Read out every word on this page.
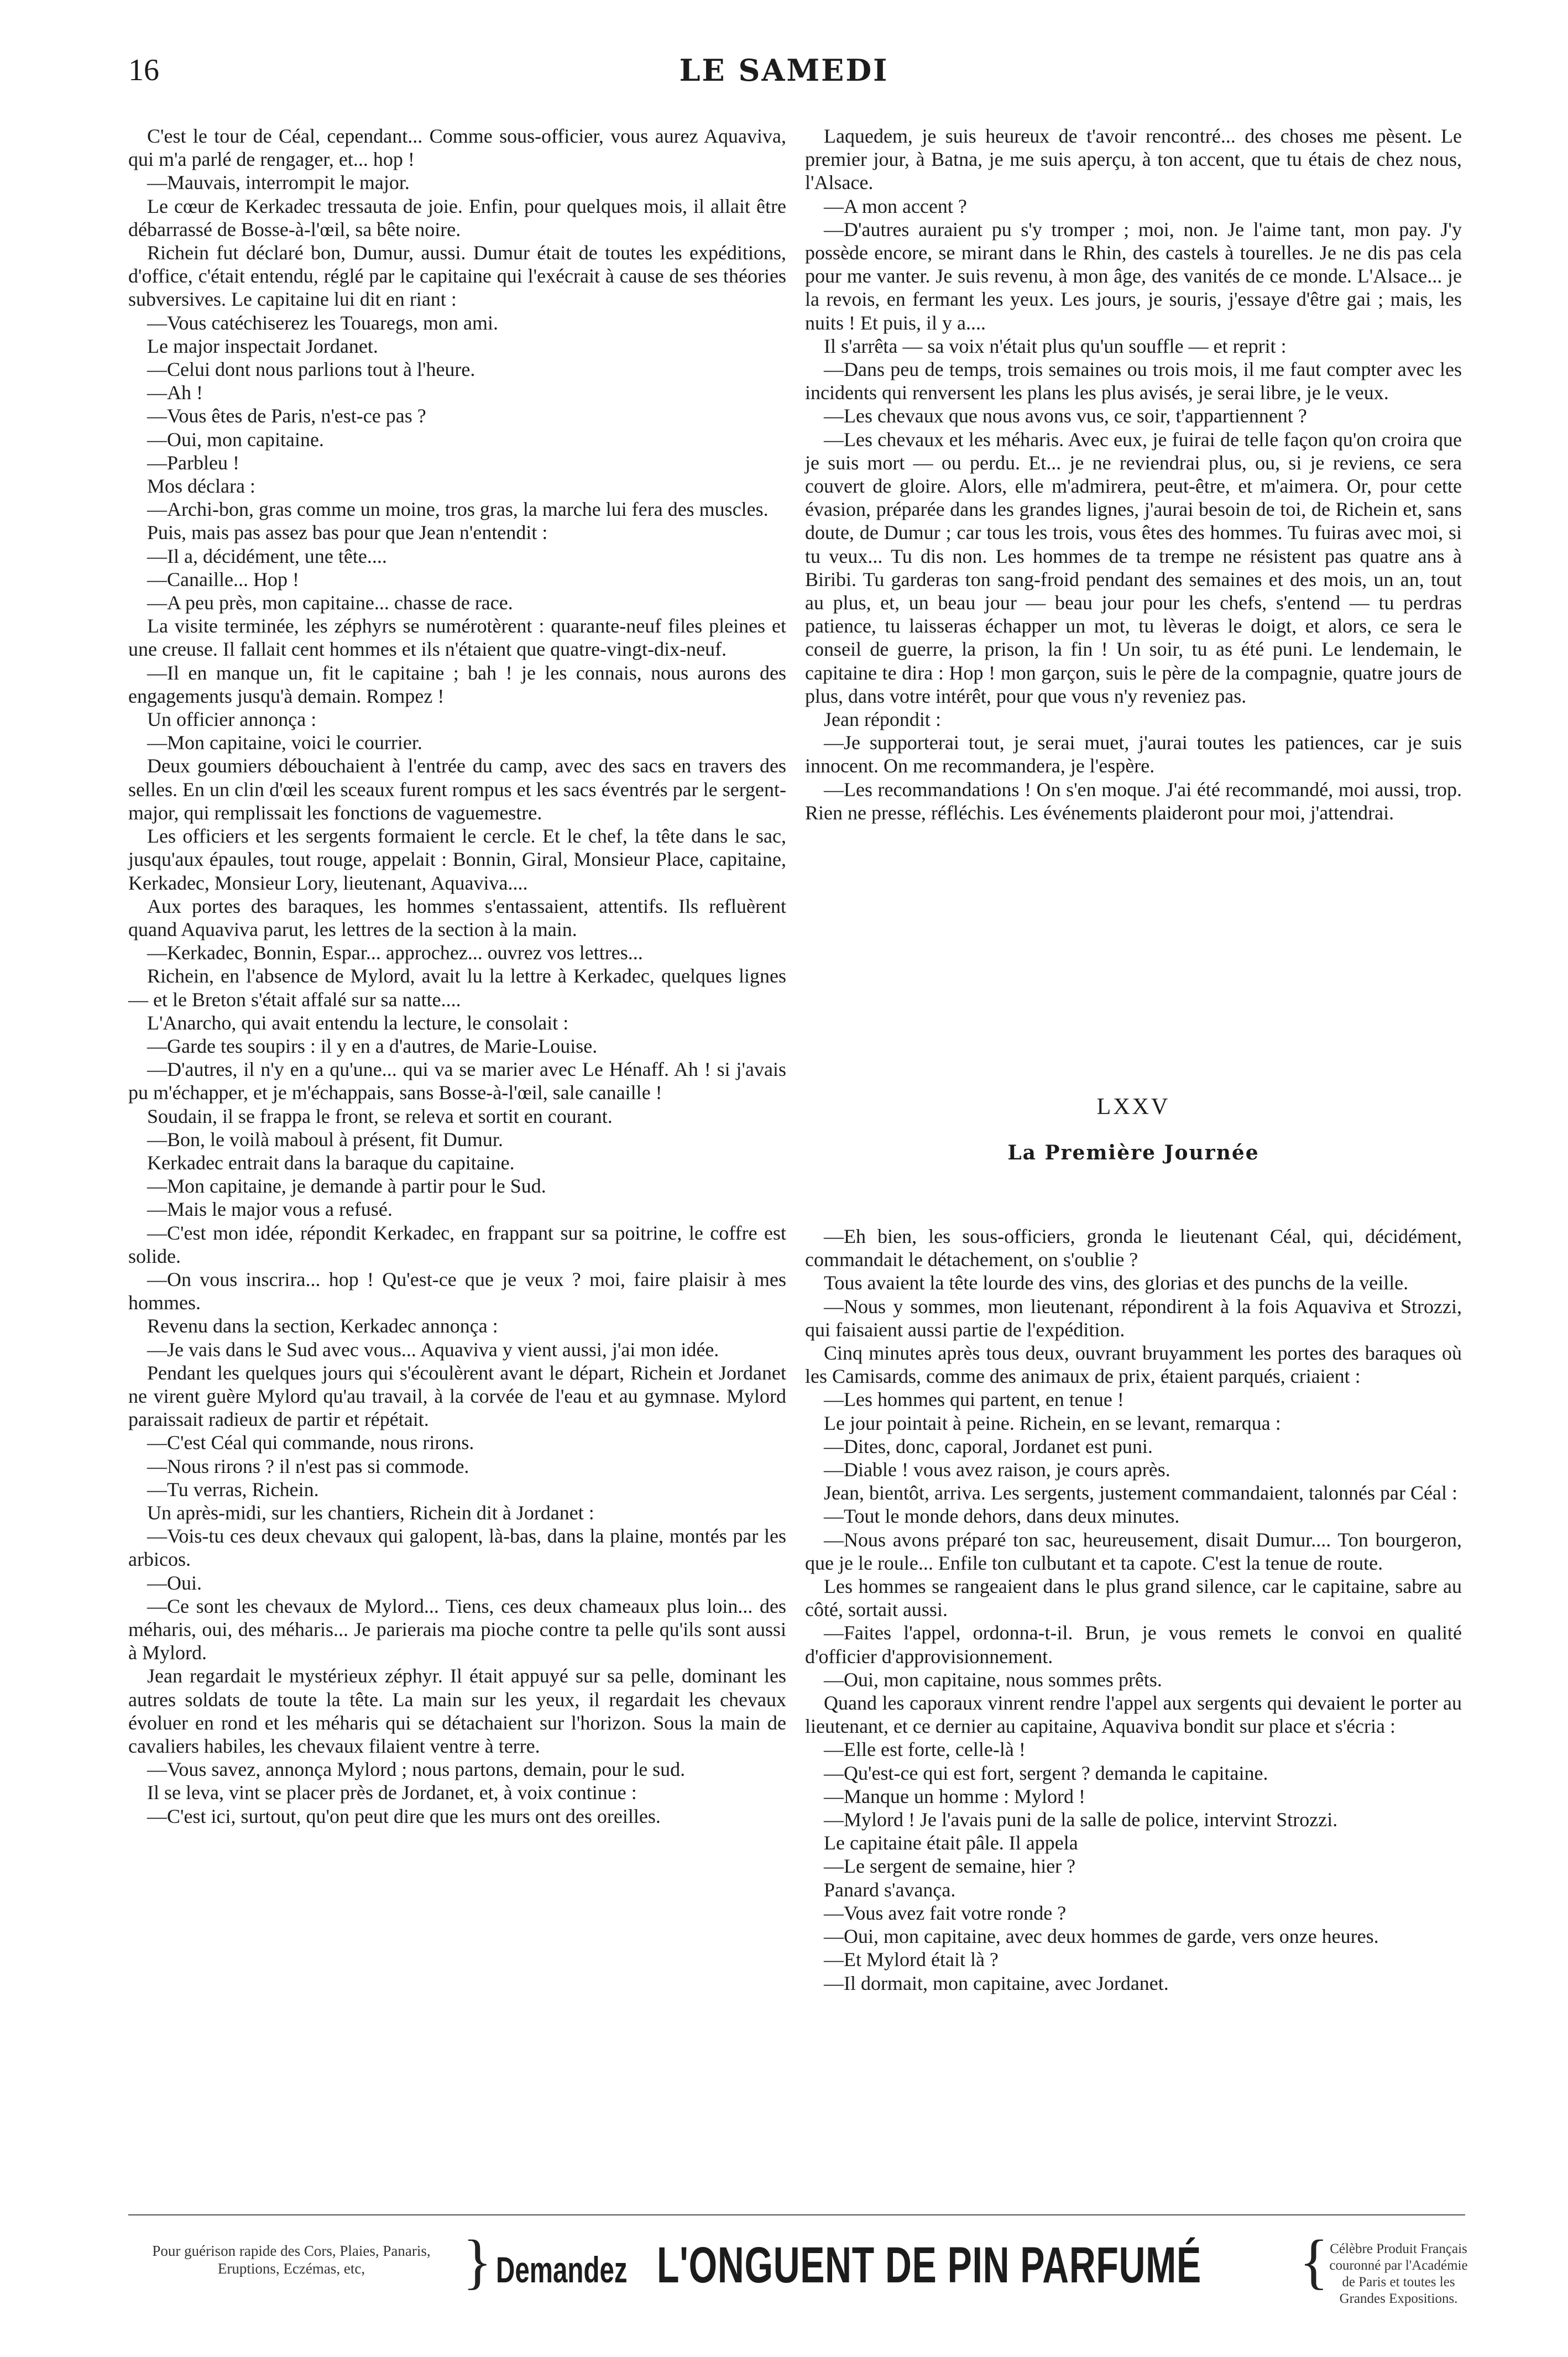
16	LE SAMEDI

C'est le tour de Céal, cependant... Comme sous-officier, vous aurez Aquaviva, qui m'a parlé de rengager, et... hop !

—Mauvais, interrompit le major.

Le cœur de Kerkadec tressauta de joie. Enfin, pour quelques mois, il allait être débarrassé de Bosse-à-l'œil, sa bête noire.

Richein fut déclaré bon, Dumur, aussi. Dumur était de toutes les expéditions, d'office, c'était entendu, réglé par le capitaine qui l'exécrait à cause de ses théories subversives. Le capitaine lui dit en riant :

—Vous catéchiserez les Touaregs, mon ami.

Le major inspectait Jordanet.

—Celui dont nous parlions tout à l'heure.

—Ah !

—Vous êtes de Paris, n'est-ce pas ?

—Oui, mon capitaine.

—Parbleu !

Mos déclara :

—Archi-bon, gras comme un moine, tros gras, la marche lui fera des muscles.

Puis, mais pas assez bas pour que Jean n'entendit :

—Il a, décidément, une tête....

—Canaille... Hop !

—A peu près, mon capitaine... chasse de race.

La visite terminée, les zéphyrs se numérotèrent : quarante-neuf files pleines et une creuse. Il fallait cent hommes et ils n'étaient que quatre-vingt-dix-neuf.

—Il en manque un, fit le capitaine ; bah ! je les connais, nous aurons des engagements jusqu'à demain. Rompez !

Un officier annonça :

—Mon capitaine, voici le courrier.

Deux goumiers débouchaient à l'entrée du camp, avec des sacs en travers des selles. En un clin d'œil les sceaux furent rompus et les sacs éventrés par le sergent-major, qui remplissait les fonctions de vaguemestre.

Les officiers et les sergents formaient le cercle. Et le chef, la tête dans le sac, jusqu'aux épaules, tout rouge, appelait : Bonnin, Giral, Monsieur Place, capitaine, Kerkadec, Monsieur Lory, lieutenant, Aquaviva....

Aux portes des baraques, les hommes s'entassaient, attentifs. Ils refluèrent quand Aquaviva parut, les lettres de la section à la main.

—Kerkadec, Bonnin, Espar... approchez... ouvrez vos lettres...

Richein, en l'absence de Mylord, avait lu la lettre à Kerkadec, quelques lignes — et le Breton s'était affalé sur sa natte....

L'Anarcho, qui avait entendu la lecture, le consolait :

—Garde tes soupirs : il y en a d'autres, de Marie-Louise.

—D'autres, il n'y en a qu'une... qui va se marier avec Le Hénaff. Ah ! si j'avais pu m'échapper, et je m'échappais, sans Bosse-à-l'œil, sale canaille !

Soudain, il se frappa le front, se releva et sortit en courant.

—Bon, le voilà maboul à présent, fit Dumur.

Kerkadec entrait dans la baraque du capitaine.

—Mon capitaine, je demande à partir pour le Sud.

—Mais le major vous a refusé.

—C'est mon idée, répondit Kerkadec, en frappant sur sa poitrine, le coffre est solide.

—On vous inscrira... hop ! Qu'est-ce que je veux ? moi, faire plaisir à mes hommes.

Revenu dans la section, Kerkadec annonça :

—Je vais dans le Sud avec vous... Aquaviva y vient aussi, j'ai mon idée.

Pendant les quelques jours qui s'écoulèrent avant le départ, Richein et Jordanet ne virent guère Mylord qu'au travail, à la corvée de l'eau et au gymnase. Mylord paraissait radieux de partir et répétait.

—C'est Céal qui commande, nous rirons.

—Nous rirons ? il n'est pas si commode.

—Tu verras, Richein.

Un après-midi, sur les chantiers, Richein dit à Jordanet :

—Vois-tu ces deux chevaux qui galopent, là-bas, dans la plaine, montés par les arbicos.

—Oui.

—Ce sont les chevaux de Mylord... Tiens, ces deux chameaux plus loin... des méharis, oui, des méharis... Je parierais ma pioche contre ta pelle qu'ils sont aussi à Mylord.

Jean regardait le mystérieux zéphyr. Il était appuyé sur sa pelle, dominant les autres soldats de toute la tête. La main sur les yeux, il regardait les chevaux évoluer en rond et les méharis qui se détachaient sur l'horizon. Sous la main de cavaliers habiles, les chevaux filaient ventre à terre.

—Vous savez, annonça Mylord ; nous partons, demain, pour le sud.

Il se leva, vint se placer près de Jordanet, et, à voix continue :

—C'est ici, surtout, qu'on peut dire que les murs ont des oreilles.

Laquedem, je suis heureux de t'avoir rencontré... des choses me pèsent. Le premier jour, à Batna, je me suis aperçu, à ton accent, que tu étais de chez nous, l'Alsace.

—A mon accent ?

—D'autres auraient pu s'y tromper ; moi, non. Je l'aime tant, mon pay. J'y possède encore, se mirant dans le Rhin, des castels à tourelles. Je ne dis pas cela pour me vanter. Je suis revenu, à mon âge, des vanités de ce monde. L'Alsace... je la revois, en fermant les yeux. Les jours, je souris, j'essaye d'être gai ; mais, les nuits ! Et puis, il y a....

Il s'arrêta — sa voix n'était plus qu'un souffle — et reprit :

—Dans peu de temps, trois semaines ou trois mois, il me faut compter avec les incidents qui renversent les plans les plus avisés, je serai libre, je le veux.

—Les chevaux que nous avons vus, ce soir, t'appartiennent ?

—Les chevaux et les méharis. Avec eux, je fuirai de telle façon qu'on croira que je suis mort — ou perdu. Et... je ne reviendrai plus, ou, si je reviens, ce sera couvert de gloire. Alors, elle m'admirera, peut-être, et m'aimera. Or, pour cette évasion, préparée dans les grandes lignes, j'aurai besoin de toi, de Richein et, sans doute, de Dumur ; car tous les trois, vous êtes des hommes. Tu fuiras avec moi, si tu veux... Tu dis non. Les hommes de ta trempe ne résistent pas quatre ans à Biribi. Tu garderas ton sang-froid pendant des semaines et des mois, un an, tout au plus, et, un beau jour — beau jour pour les chefs, s'entend — tu perdras patience, tu laisseras échapper un mot, tu lèveras le doigt, et alors, ce sera le conseil de guerre, la prison, la fin ! Un soir, tu as été puni. Le lendemain, le capitaine te dira : Hop ! mon garçon, suis le père de la compagnie, quatre jours de plus, dans votre intérêt, pour que vous n'y reveniez pas.

Jean répondit :

—Je supporterai tout, je serai muet, j'aurai toutes les patiences, car je suis innocent. On me recommandera, je l'espère.

—Les recommandations ! On s'en moque. J'ai été recommandé, moi aussi, trop. Rien ne presse, réfléchis. Les événements plaideront pour moi, j'attendrai.

LXXV
La Première Journée

—Eh bien, les sous-officiers, gronda le lieutenant Céal, qui, décidément, commandait le détachement, on s'oublie ?

Tous avaient la tête lourde des vins, des glorias et des punchs de la veille.

—Nous y sommes, mon lieutenant, répondirent à la fois Aquaviva et Strozzi, qui faisaient aussi partie de l'expédition.

Cinq minutes après tous deux, ouvrant bruyamment les portes des baraques où les Camisards, comme des animaux de prix, étaient parqués, criaient :

—Les hommes qui partent, en tenue !

Le jour pointait à peine. Richein, en se levant, remarqua :

—Dites, donc, caporal, Jordanet est puni.

—Diable ! vous avez raison, je cours après.

Jean, bientôt, arriva. Les sergents, justement commandaient, talonnés par Céal :

—Tout le monde dehors, dans deux minutes.

—Nous avons préparé ton sac, heureusement, disait Dumur.... Ton bourgeron, que je le roule... Enfile ton culbutant et ta capote. C'est la tenue de route.

Les hommes se rangeaient dans le plus grand silence, car le capitaine, sabre au côté, sortait aussi.

—Faites l'appel, ordonna-t-il. Brun, je vous remets le convoi en qualité d'officier d'approvisionnement.

—Oui, mon capitaine, nous sommes prêts.

Quand les caporaux vinrent rendre l'appel aux sergents qui devaient le porter au lieutenant, et ce dernier au capitaine, Aquaviva bondit sur place et s'écria :

—Elle est forte, celle-là !

—Qu'est-ce qui est fort, sergent ? demanda le capitaine.

—Manque un homme : Mylord !

—Mylord ! Je l'avais puni de la salle de police, intervint Strozzi.

Le capitaine était pâle. Il appela

—Le sergent de semaine, hier ?

Panard s'avança.

—Vous avez fait votre ronde ?

—Oui, mon capitaine, avec deux hommes de garde, vers onze heures.

—Et Mylord était là ?

—Il dormait, mon capitaine, avec Jordanet.

Pour guérison rapide des Cors, Plaies, Panaris, Eruptions, Eczémas, etc,	} Demandez L'ONGUENT DE PIN PARFUMÉ	{ Célèbre Produit Français couronné par l'Académie de Paris et toutes les Grandes Expositions.
